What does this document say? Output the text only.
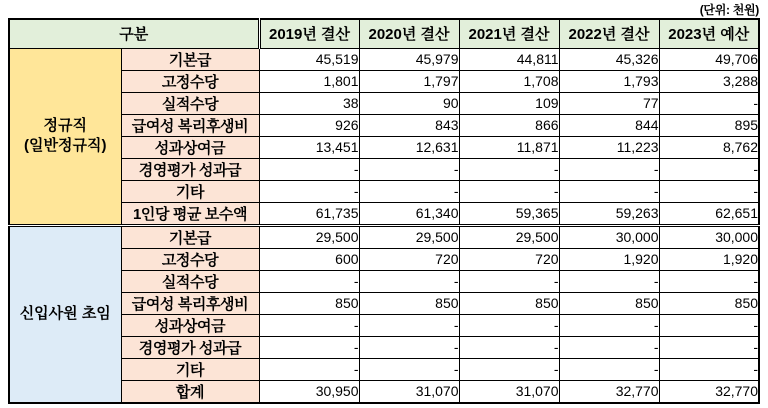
(단위: 천원)
구분		2019년 결산	2020년 결산	2021년 결산	2022년 결산	2023년 예산

정규직
(일반정규직)	기본급	45,519	45,979	44,811	45,326	49,706
	고정수당	1,801	1,797	1,708	1,793	3,288
	실적수당	38	90	109	77	-
	급여성 복리후생비	926	843	866	844	895
	성과상여금	13,451	12,631	11,871	11,223	8,762
	경영평가 성과급	-	-	-	-	-
	기타	-	-	-	-	-
	1인당 평균 보수액	61,735	61,340	59,365	59,263	62,651

신입사원 초임	기본급	29,500	29,500	29,500	30,000	30,000
	고정수당	600	720	720	1,920	1,920
	실적수당	-	-	-	-	-
	급여성 복리후생비	850	850	850	850	850
	성과상여금	-	-	-	-	-
	경영평가 성과급	-	-	-	-	-
	기타	-	-	-	-	-
	합계	30,950	31,070	31,070	32,770	32,770
